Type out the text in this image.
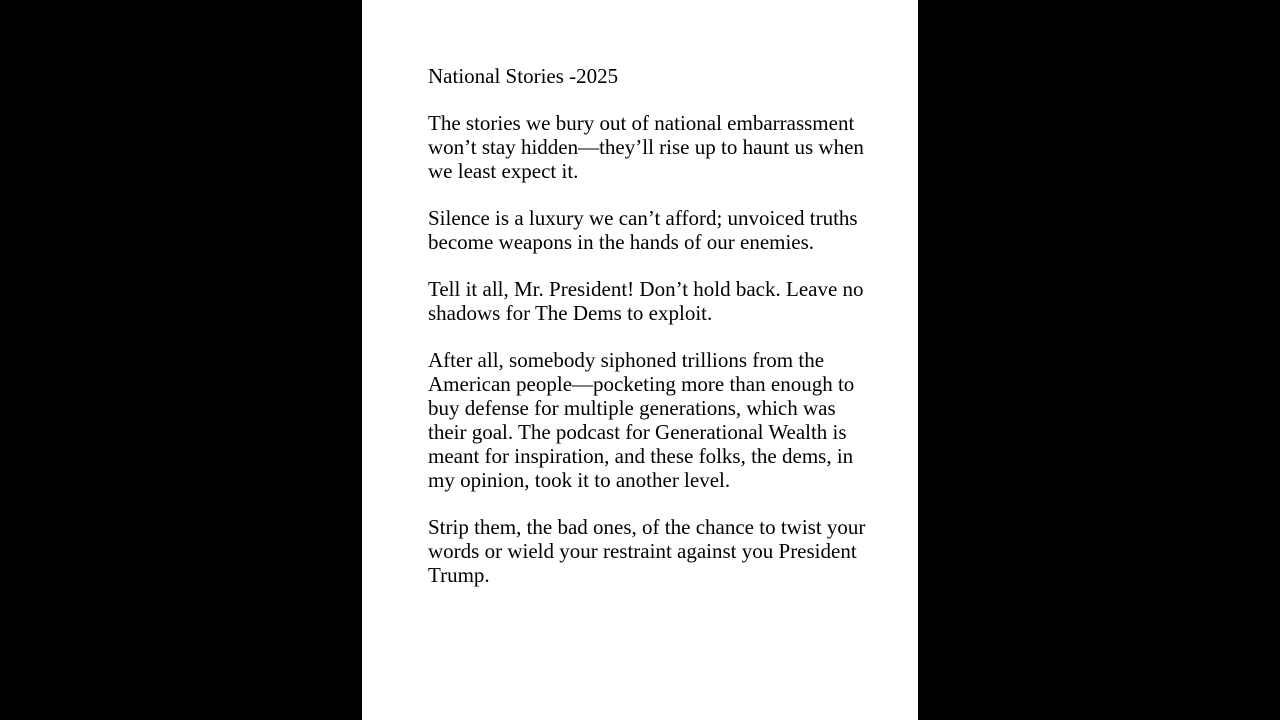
National Stories -2025

The stories we bury out of national embarrassment won’t stay hidden—they’ll rise up to haunt us when we least expect it.

Silence is a luxury we can’t afford; unvoiced truths become weapons in the hands of our enemies.

Tell it all, Mr. President! Don’t hold back. Leave no shadows for The Dems to exploit.

After all, somebody siphoned trillions from the American people—pocketing more than enough to buy defense for multiple generations, which was their goal. The podcast for Generational Wealth is meant for inspiration, and these folks, the dems, in my opinion, took it to another level.

Strip them, the bad ones, of the chance to twist your words or wield your restraint against you President Trump.
